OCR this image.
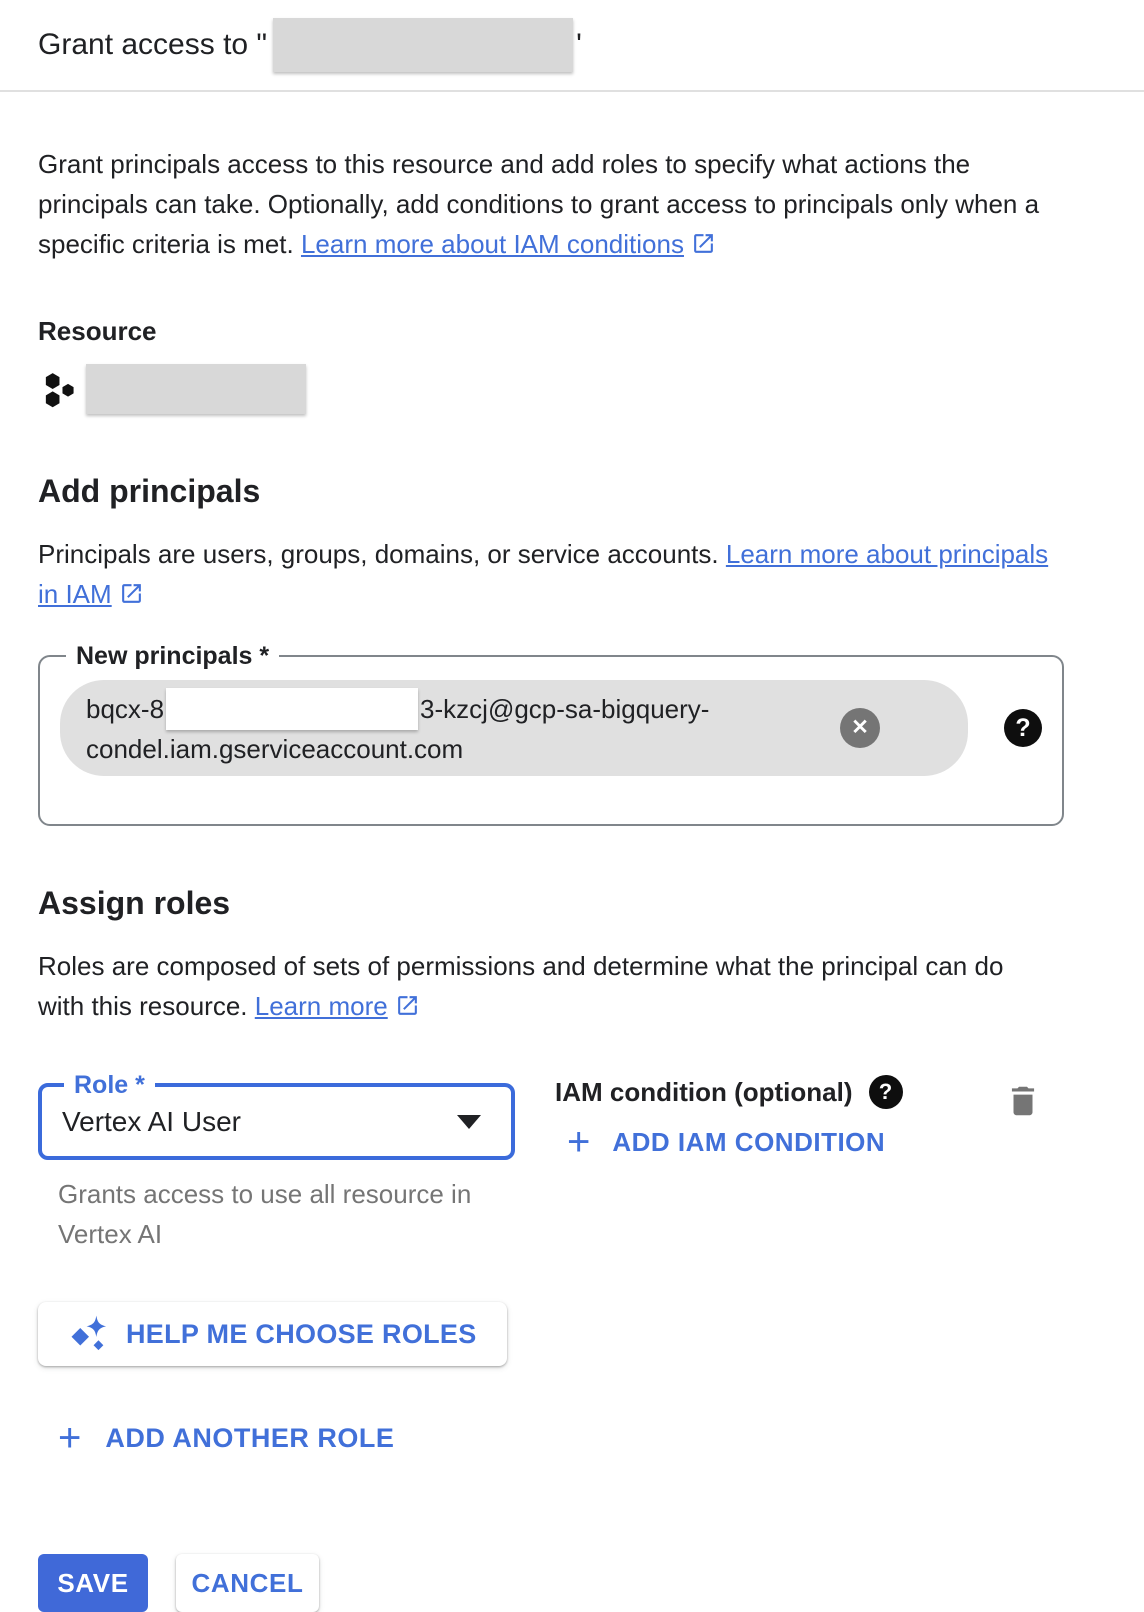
Grant access to "	'

Grant principals access to this resource and add roles to specify what actions the principals can take. Optionally, add conditions to grant access to principals only when a specific criteria is met. Learn more about IAM conditions

Resource
Add principals

Principals are users, groups, domains, or service accounts. Learn more about principals in IAM

New principals *
bqcx-8	3-kzcj@gcp-sa-bigquery-condel.iam.gserviceaccount.com
✕	?
Assign roles

Roles are composed of sets of permissions and determine what the principal can do with this resource. Learn more

Role *
Vertex AI User
IAM condition (optional)	?
+ ADD IAM CONDITION
Grants access to use all resource in Vertex AI
HELP ME CHOOSE ROLES
+ ADD ANOTHER ROLE
SAVE	CANCEL
